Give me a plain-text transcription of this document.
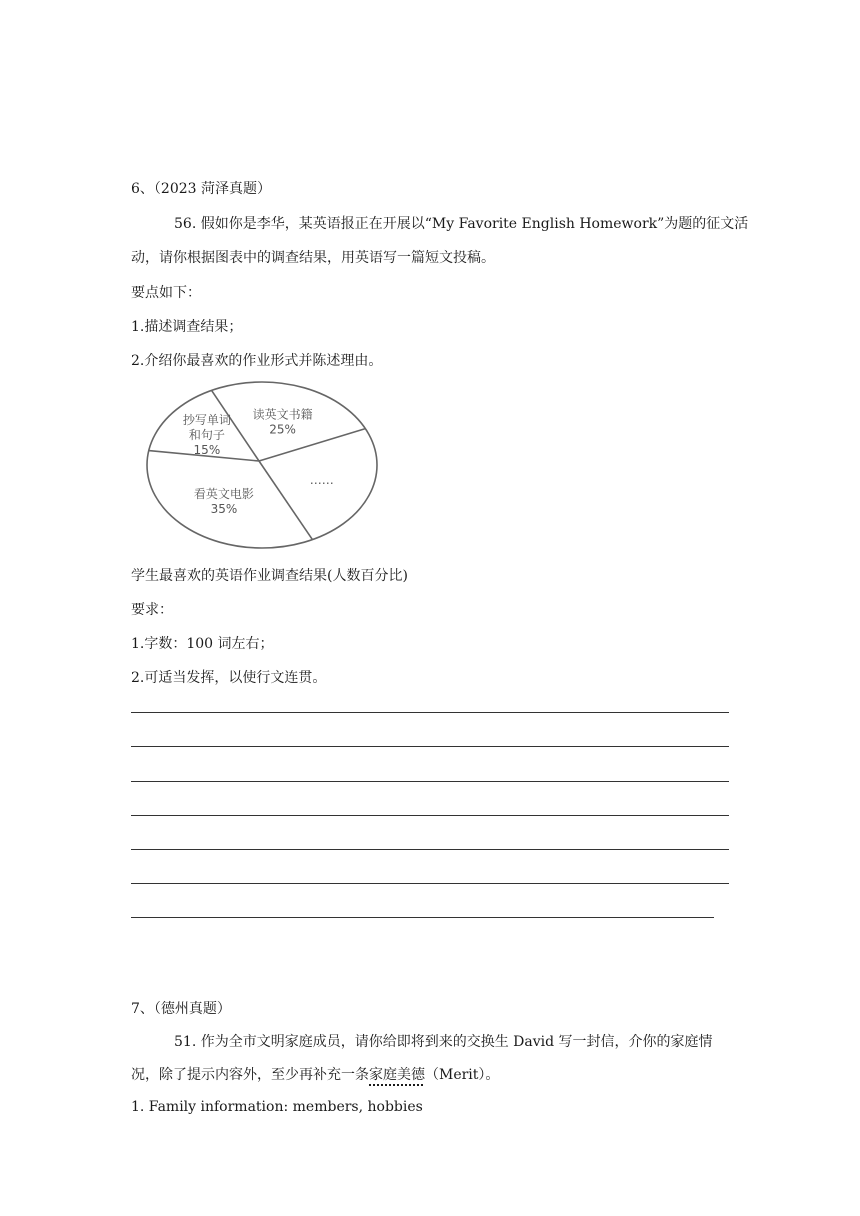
6、（2023 菏泽真题）
56. 假如你是李华，某英语报正在开展以“My Favorite English Homework”为题的征文活
动，请你根据图表中的调查结果，用英语写一篇短文投稿。
要点如下：
1.描述调查结果；
2.介绍你最喜欢的作业形式并陈述理由。
抄写单词
和句子
15%
读英文书籍
25%
……
看英文电影
35%
学生最喜欢的英语作业调查结果(人数百分比)
要求：
1.字数：100 词左右；
2.可适当发挥，以使行文连贯。
7、（德州真题）
51. 作为全市文明家庭成员，请你给即将到来的交换生 David 写一封信，介你的家庭情
况，除了提示内容外，至少再补充一条家庭美德（Merit）。
1. Family information: members, hobbies
